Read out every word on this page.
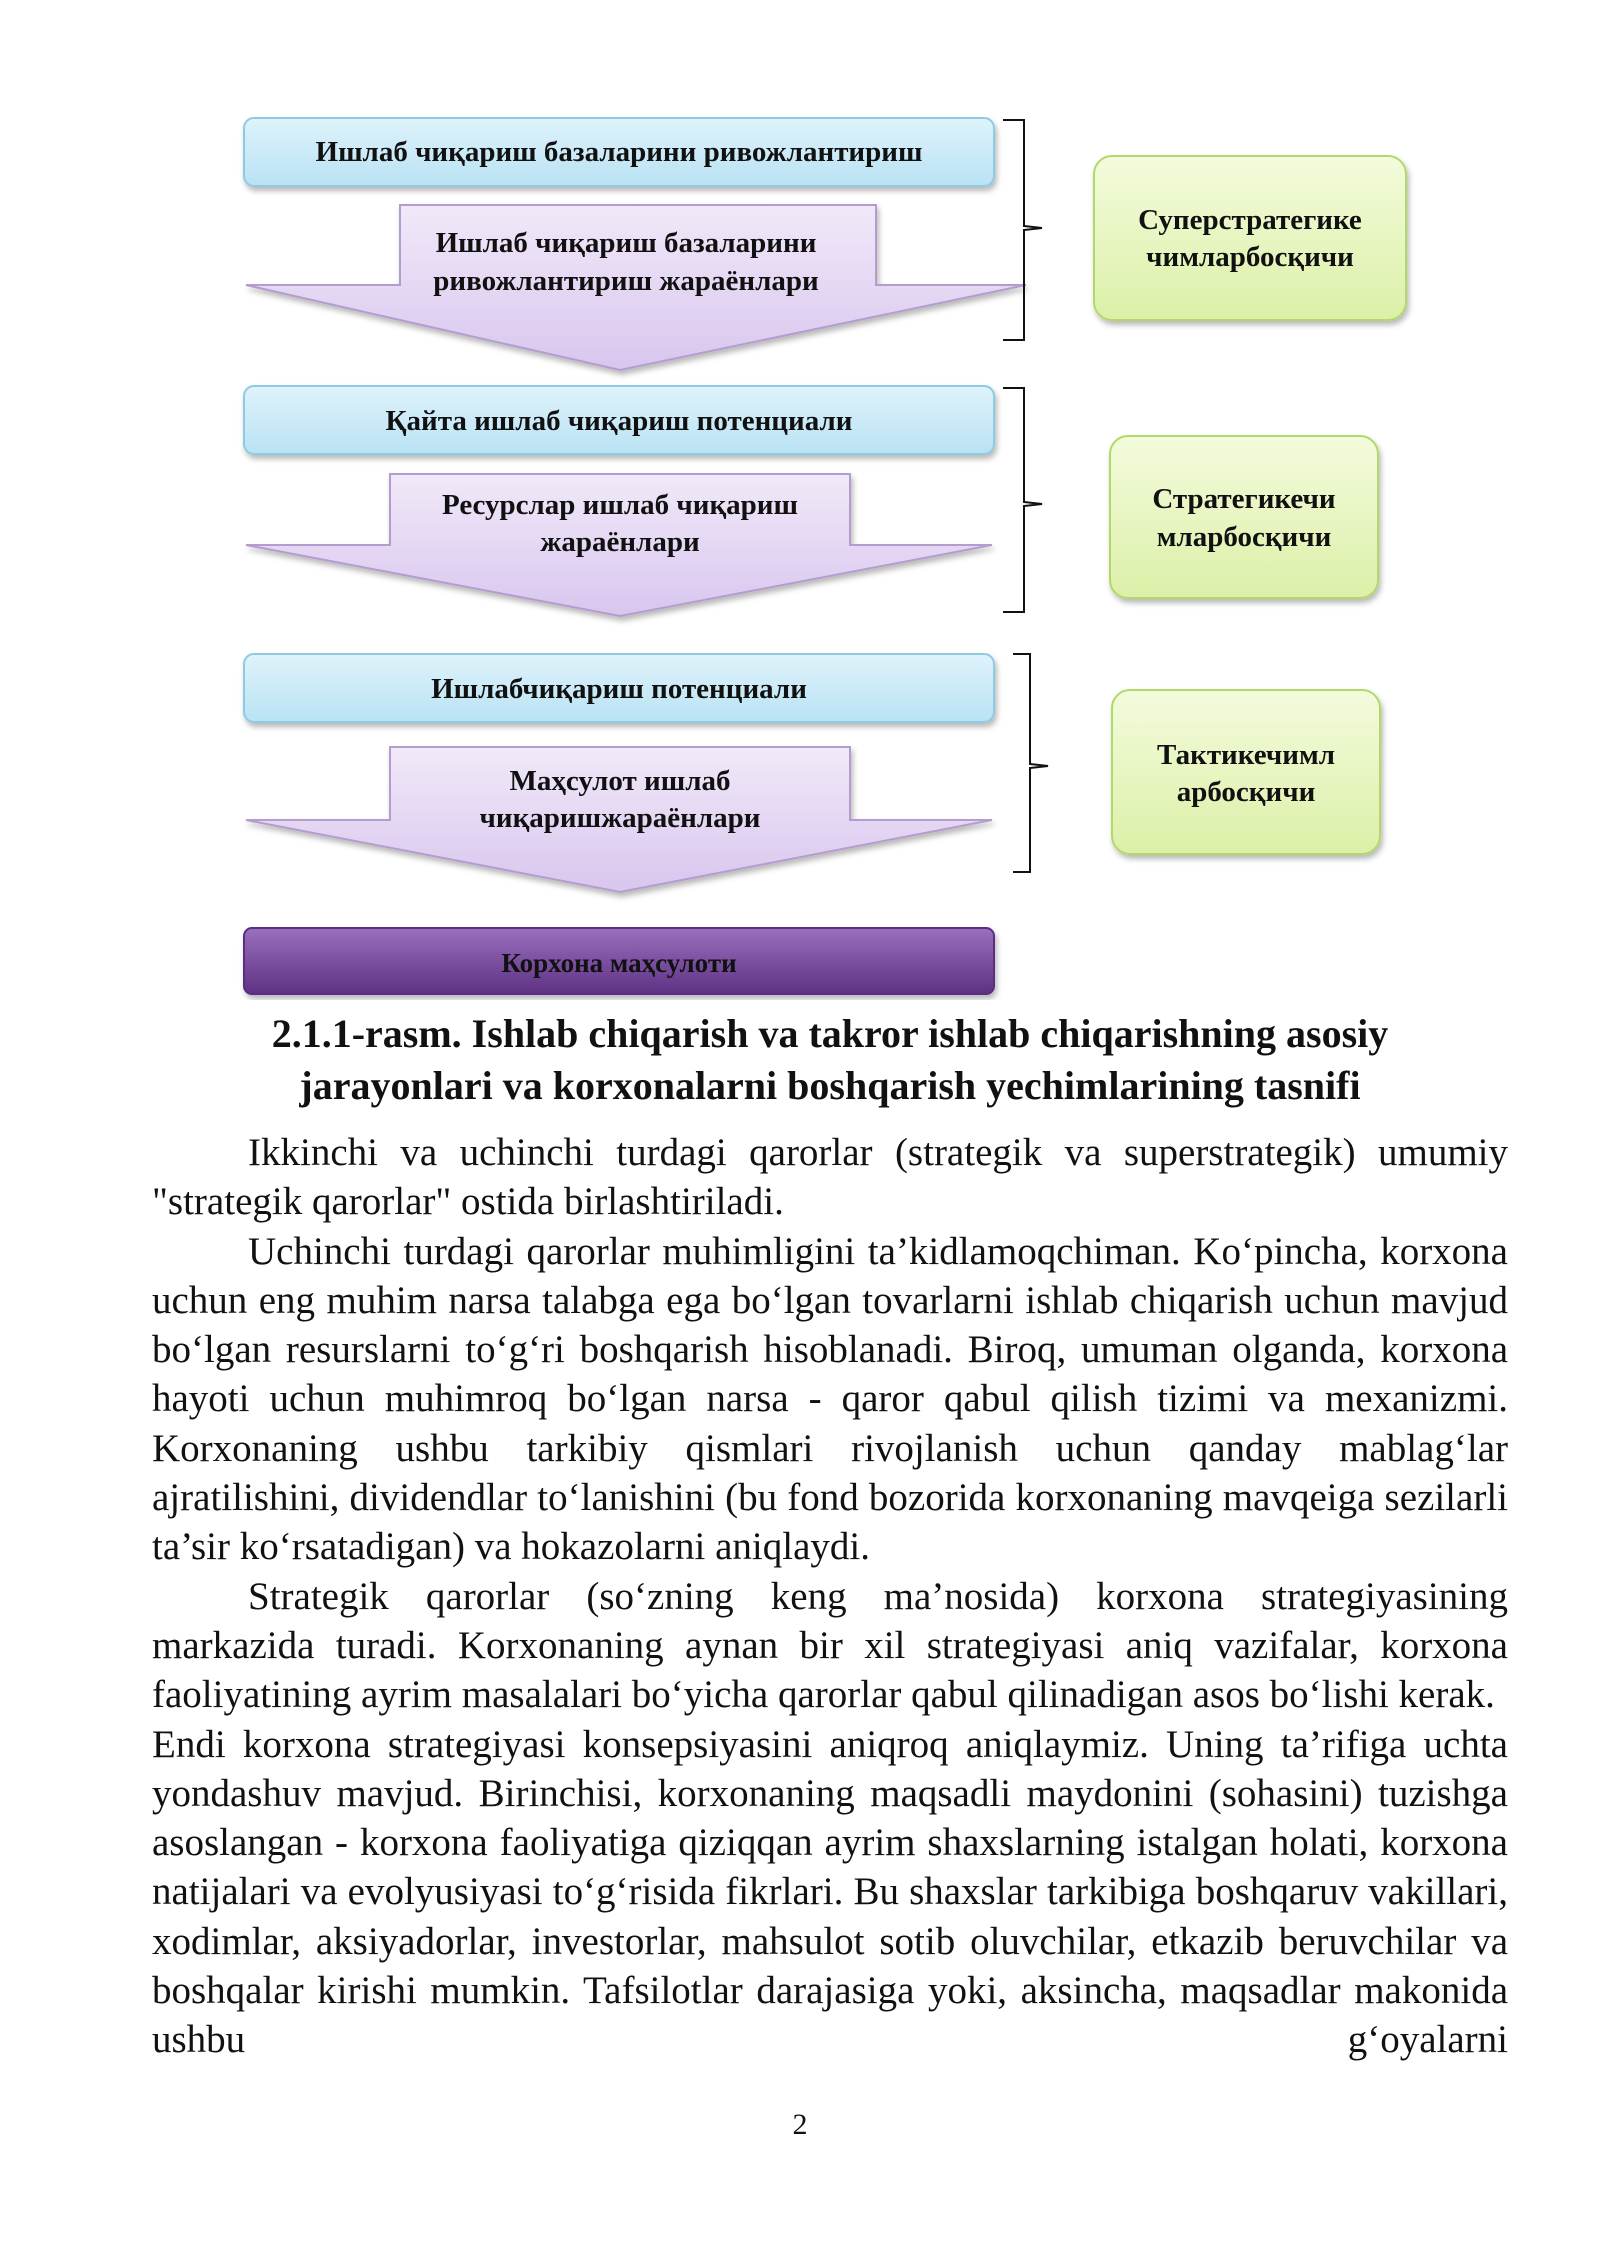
Ишлаб чиқариш базаларини ривожлантириш
Ишлаб чиқариш базаларини
ривожлантириш жараёнлари
Суперстратегике
чимларбосқичи
Қайта ишлаб чиқариш потенциали
Ресурслар ишлаб чиқариш
жараёнлари
Стратегикечи
мларбосқичи
Ишлабчиқариш потенциали
Маҳсулот ишлаб
чиқаришжараёнлари
Тактикечимл
арбосқичи
Корхона маҳсулоти
2.1.1-rasm. Ishlab chiqarish va takror ishlab chiqarishning asosiy
jarayonlari va korxonalarni boshqarish yechimlarining tasnifi

Ikkinchi va uchinchi turdagi qarorlar (strategik va superstrategik) umumiy "strategik qarorlar" ostida birlashtiriladi.

Uchinchi turdagi qarorlar muhimligini ta’kidlamoqchiman. Ko‘pincha, korxona uchun eng muhim narsa talabga ega bo‘lgan tovarlarni ishlab chiqarish uchun mavjud bo‘lgan resurslarni to‘g‘ri boshqarish hisoblanadi. Biroq, umuman olganda, korxona hayoti uchun muhimroq bo‘lgan narsa - qaror qabul qilish tizimi va mexanizmi. Korxonaning ushbu tarkibiy qismlari rivojlanish uchun qanday mablag‘lar ajratilishini, dividendlar to‘lanishini (bu fond bozorida korxonaning mavqeiga sezilarli ta’sir ko‘rsatadigan) va hokazolarni aniqlaydi.

Strategik qarorlar (so‘zning keng ma’nosida) korxona strategiyasining markazida turadi. Korxonaning aynan bir xil strategiyasi aniq vazifalar, korxona faoliyatining ayrim masalalari bo‘yicha qarorlar qabul qilinadigan asos bo‘lishi kerak.

Endi korxona strategiyasi konsepsiyasini aniqroq aniqlaymiz. Uning ta’rifiga uchta yondashuv mavjud. Birinchisi, korxonaning maqsadli maydonini (sohasini) tuzishga asoslangan - korxona faoliyatiga qiziqqan ayrim shaxslarning istalgan holati, korxona natijalari va evolyusiyasi to‘g‘risida fikrlari. Bu shaxslar tarkibiga boshqaruv vakillari, xodimlar, aksiyadorlar, investorlar, mahsulot sotib oluvchilar, etkazib beruvchilar va boshqalar kirishi mumkin. Tafsilotlar darajasiga yoki, aksincha, maqsadlar makonida ushbu g‘oyalarni

2
